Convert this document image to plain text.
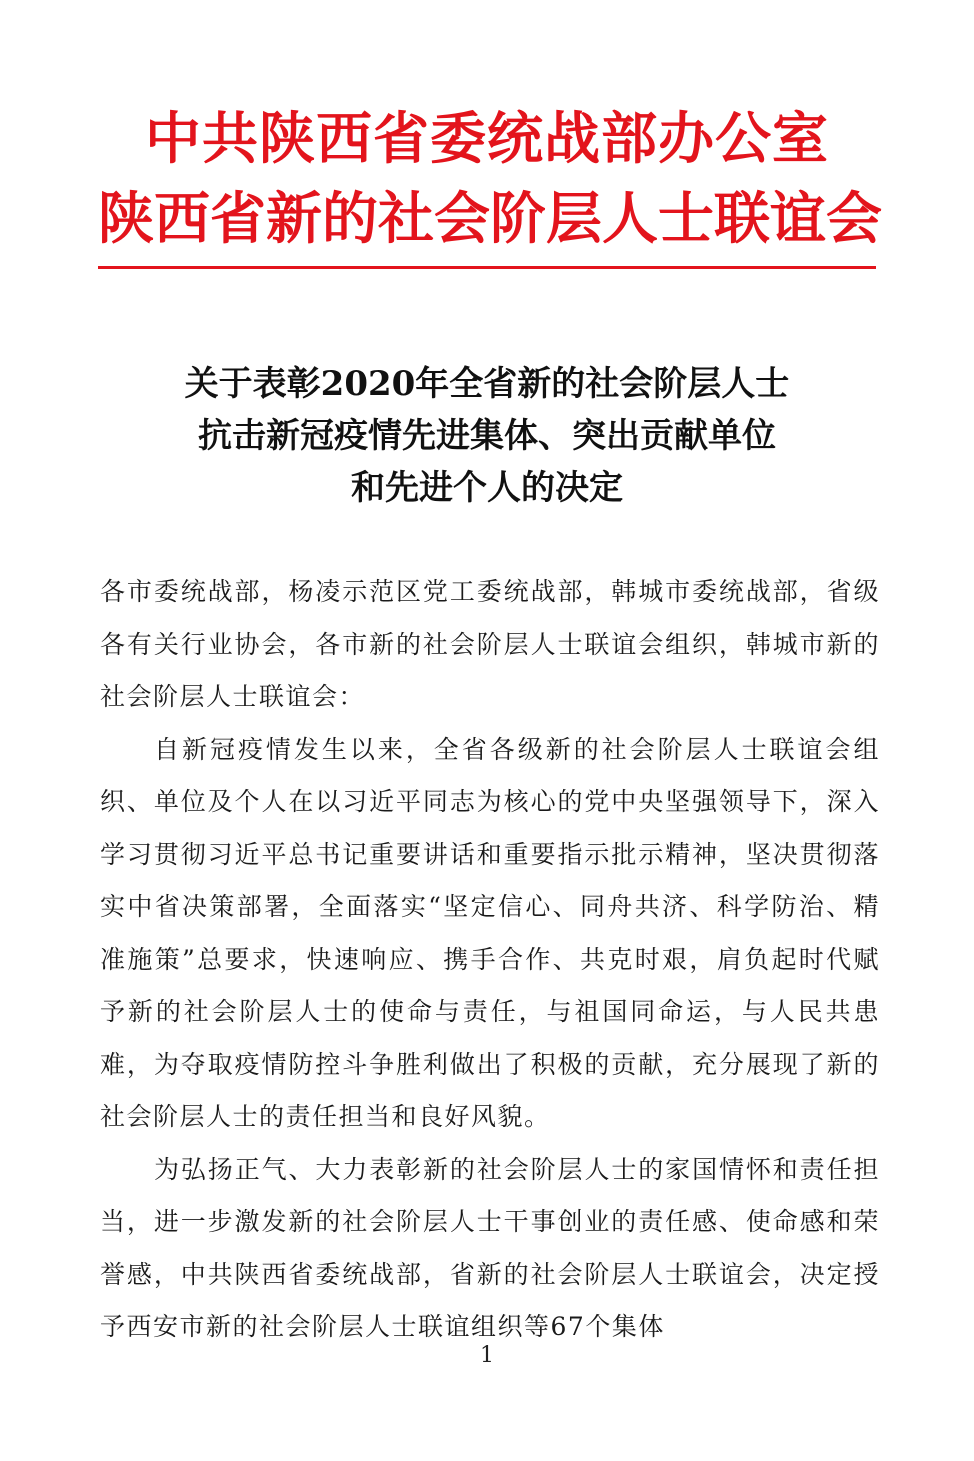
中共陕西省委统战部办公室
陕西省新的社会阶层人士联谊会
关于表彰2020年全省新的社会阶层人士
抗击新冠疫情先进集体、突出贡献单位
和先进个人的决定

各市委统战部，杨凌示范区党工委统战部，韩城市委统战部，省级各有关行业协会，各市新的社会阶层人士联谊会组织，韩城市新的社会阶层人士联谊会：

自新冠疫情发生以来，全省各级新的社会阶层人士联谊会组织、单位及个人在以习近平同志为核心的党中央坚强领导下，深入学习贯彻习近平总书记重要讲话和重要指示批示精神，坚决贯彻落实中省决策部署，全面落实“坚定信心、同舟共济、科学防治、精准施策”总要求，快速响应、携手合作、共克时艰，肩负起时代赋予新的社会阶层人士的使命与责任，与祖国同命运，与人民共患难，为夺取疫情防控斗争胜利做出了积极的贡献，充分展现了新的社会阶层人士的责任担当和良好风貌。

为弘扬正气、大力表彰新的社会阶层人士的家国情怀和责任担当，进一步激发新的社会阶层人士干事创业的责任感、使命感和荣誉感，中共陕西省委统战部，省新的社会阶层人士联谊会，决定授予西安市新的社会阶层人士联谊组织等67个集体

1
